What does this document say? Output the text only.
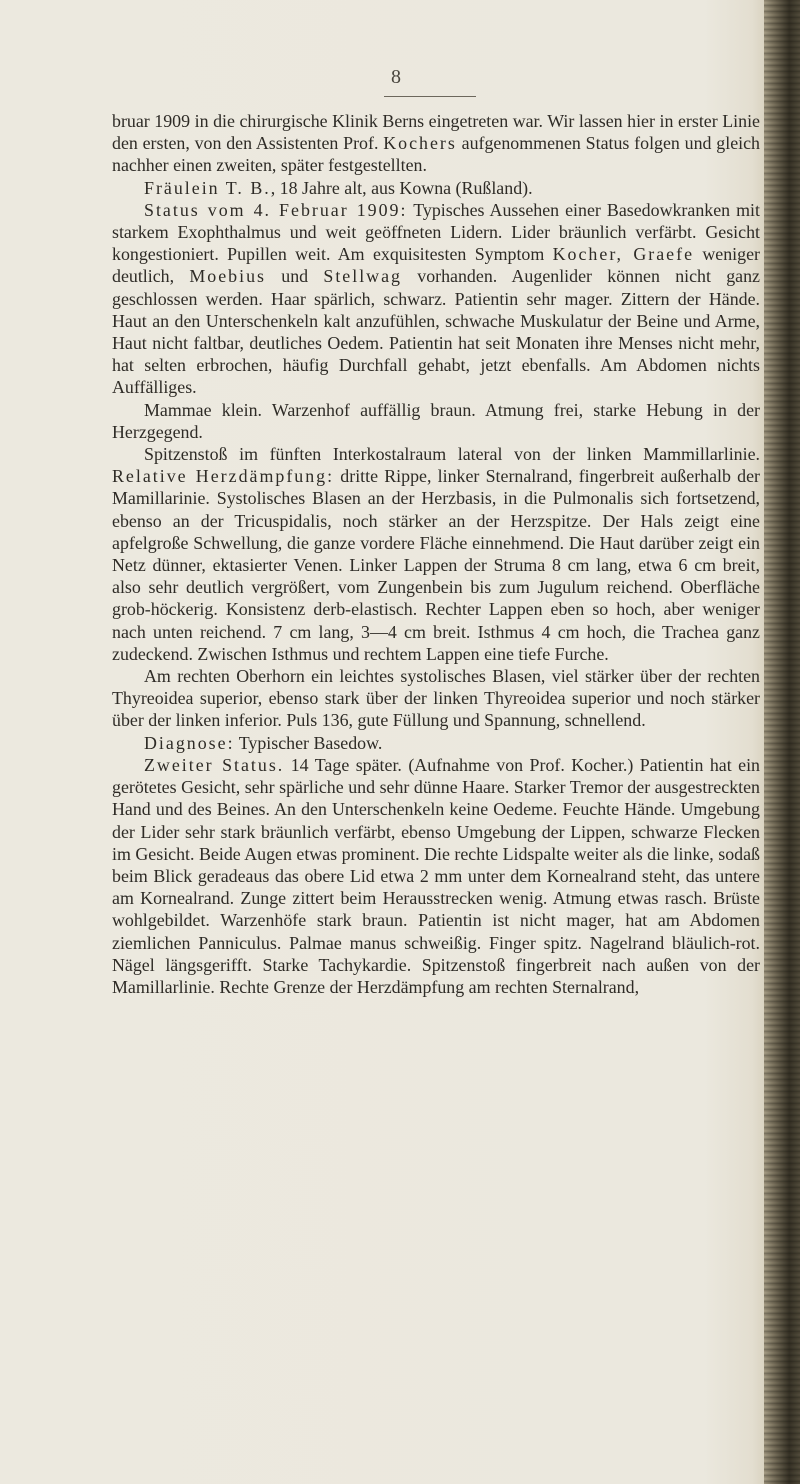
8

bruar 1909 in die chirurgische Klinik Berns eingetreten war. Wir lassen hier in erster Linie den ersten, von den Assistenten Prof. Kochers aufgenommenen Status folgen und gleich nachher einen zweiten, später festgestellten.

Fräulein T. B., 18 Jahre alt, aus Kowna (Rußland).

Status vom 4. Februar 1909: Typisches Aussehen einer Basedowkranken mit starkem Exophthalmus und weit geöffneten Lidern. Lider bräunlich verfärbt. Gesicht kongestioniert. Pupillen weit. Am exquisitesten Symptom Kocher, Graefe weniger deutlich, Moebius und Stellwag vorhanden. Augenlider können nicht ganz geschlossen werden. Haar spärlich, schwarz. Patientin sehr mager. Zittern der Hände. Haut an den Unterschenkeln kalt anzufühlen, schwache Muskulatur der Beine und Arme, Haut nicht faltbar, deutliches Oedem. Patientin hat seit Monaten ihre Menses nicht mehr, hat selten erbrochen, häufig Durchfall gehabt, jetzt ebenfalls. Am Abdomen nichts Auffälliges.

Mammae klein. Warzenhof auffällig braun. Atmung frei, starke Hebung in der Herzgegend.

Spitzenstoß im fünften Interkostalraum lateral von der linken Mammillarlinie. Relative Herzdämpfung: dritte Rippe, linker Sternalrand, fingerbreit außerhalb der Mamillarinie. Systolisches Blasen an der Herzbasis, in die Pulmonalis sich fortsetzend, ebenso an der Tricuspidalis, noch stärker an der Herzspitze. Der Hals zeigt eine apfelgroße Schwellung, die ganze vordere Fläche einnehmend. Die Haut darüber zeigt ein Netz dünner, ektasierter Venen. Linker Lappen der Struma 8 cm lang, etwa 6 cm breit, also sehr deutlich vergrößert, vom Zungenbein bis zum Jugulum reichend. Oberfläche grob-höckerig. Konsistenz derb-elastisch. Rechter Lappen eben so hoch, aber weniger nach unten reichend. 7 cm lang, 3—4 cm breit. Isthmus 4 cm hoch, die Trachea ganz zudeckend. Zwischen Isthmus und rechtem Lappen eine tiefe Furche.

Am rechten Oberhorn ein leichtes systolisches Blasen, viel stärker über der rechten Thyreoidea superior, ebenso stark über der linken Thyreoidea superior und noch stärker über der linken inferior. Puls 136, gute Füllung und Spannung, schnellend.

Diagnose: Typischer Basedow.

Zweiter Status. 14 Tage später. (Aufnahme von Prof. Kocher.) Patientin hat ein gerötetes Gesicht, sehr spärliche und sehr dünne Haare. Starker Tremor der ausgestreckten Hand und des Beines. An den Unterschenkeln keine Oedeme. Feuchte Hände. Umgebung der Lider sehr stark bräunlich verfärbt, ebenso Umgebung der Lippen, schwarze Flecken im Gesicht. Beide Augen etwas prominent. Die rechte Lidspalte weiter als die linke, sodaß beim Blick geradeaus das obere Lid etwa 2 mm unter dem Kornealrand steht, das untere am Kornealrand. Zunge zittert beim Herausstrecken wenig. Atmung etwas rasch. Brüste wohlgebildet. Warzenhöfe stark braun. Patientin ist nicht mager, hat am Abdomen ziemlichen Panniculus. Palmae manus schweißig. Finger spitz. Nagelrand bläulich-rot. Nägel längsgerifft. Starke Tachykardie. Spitzenstoß fingerbreit nach außen von der Mamillarlinie. Rechte Grenze der Herzdämpfung am rechten Sternalrand,
